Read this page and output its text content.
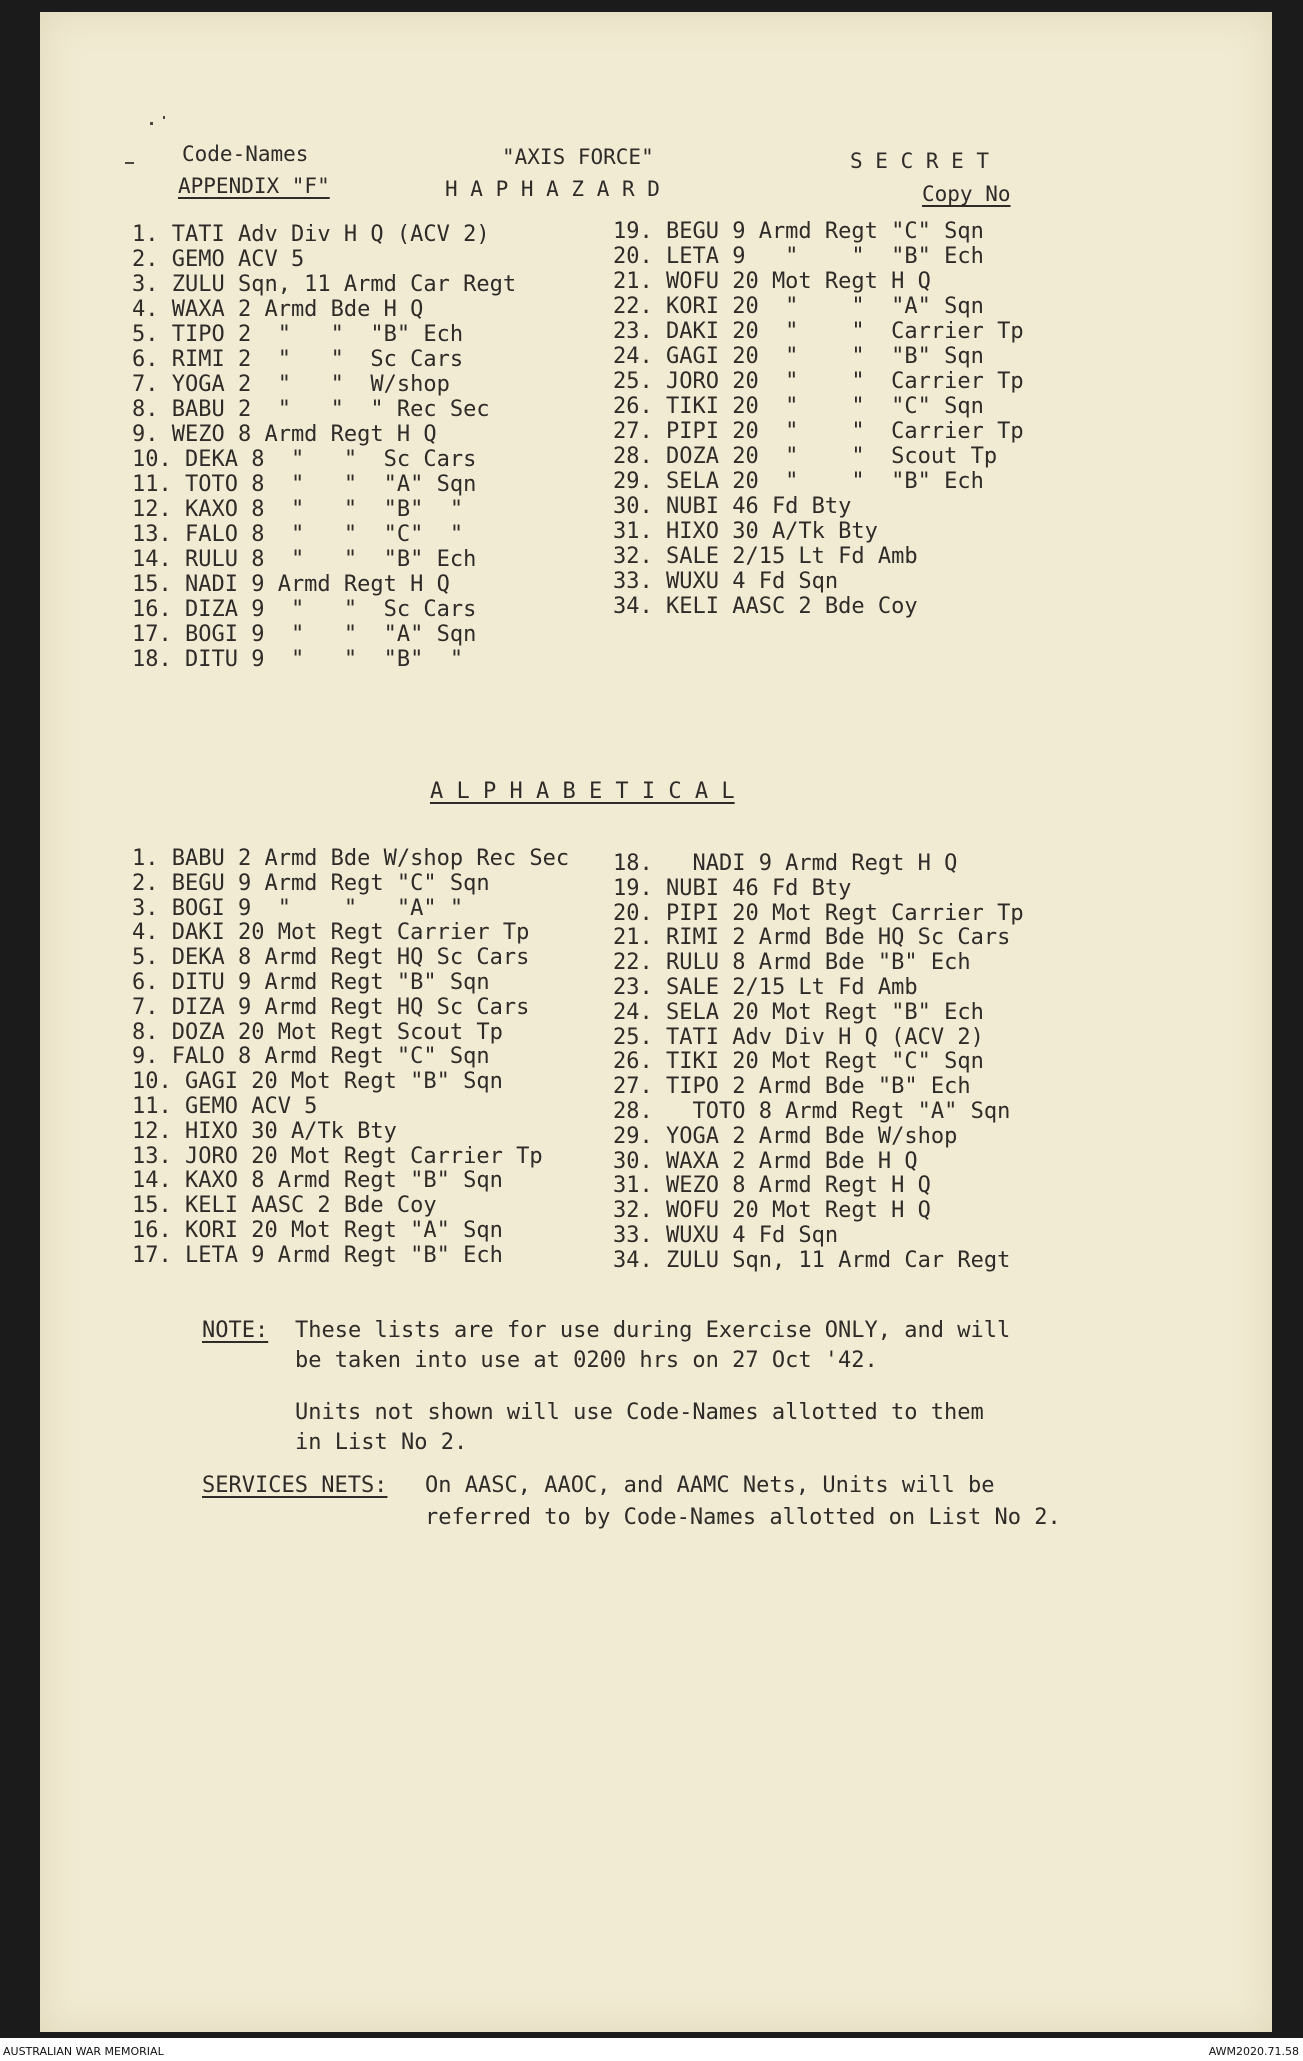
Code-Names	"AXIS FORCE"	S E C R E T
APPENDIX "F"	H A P H A Z A R D	Copy No
1. TATI Adv Div H Q (ACV 2)
2. GEMO ACV 5
3. ZULU Sqn, 11 Armd Car Regt
4. WAXA 2 Armd Bde H Q
5. TIPO 2  "   "  "B" Ech
6. RIMI 2  "   "  Sc Cars
7. YOGA 2  "   "  W/shop
8. BABU 2  "   "  " Rec Sec
9. WEZO 8 Armd Regt H Q
10. DEKA 8  "   "  Sc Cars
11. TOTO 8  "   "  "A" Sqn
12. KAXO 8  "   "  "B"  "
13. FALO 8  "   "  "C"  "
14. RULU 8  "   "  "B" Ech
15. NADI 9 Armd Regt H Q
16. DIZA 9  "   "  Sc Cars
17. BOGI 9  "   "  "A" Sqn
18. DITU 9  "   "  "B"  "
19. BEGU 9 Armd Regt "C" Sqn
20. LETA 9   "    "  "B" Ech
21. WOFU 20 Mot Regt H Q
22. KORI 20  "    "  "A" Sqn
23. DAKI 20  "    "  Carrier Tp
24. GAGI 20  "    "  "B" Sqn
25. JORO 20  "    "  Carrier Tp
26. TIKI 20  "    "  "C" Sqn
27. PIPI 20  "    "  Carrier Tp
28. DOZA 20  "    "  Scout Tp
29. SELA 20  "    "  "B" Ech
30. NUBI 46 Fd Bty
31. HIXO 30 A/Tk Bty
32. SALE 2/15 Lt Fd Amb
33. WUXU 4 Fd Sqn
34. KELI AASC 2 Bde Coy
A L P H A B E T I C A L
1. BABU 2 Armd Bde W/shop Rec Sec
2. BEGU 9 Armd Regt "C" Sqn
3. BOGI 9  "    "   "A" "
4. DAKI 20 Mot Regt Carrier Tp
5. DEKA 8 Armd Regt HQ Sc Cars
6. DITU 9 Armd Regt "B" Sqn
7. DIZA 9 Armd Regt HQ Sc Cars
8. DOZA 20 Mot Regt Scout Tp
9. FALO 8 Armd Regt "C" Sqn
10. GAGI 20 Mot Regt "B" Sqn
11. GEMO ACV 5
12. HIXO 30 A/Tk Bty
13. JORO 20 Mot Regt Carrier Tp
14. KAXO 8 Armd Regt "B" Sqn
15. KELI AASC 2 Bde Coy
16. KORI 20 Mot Regt "A" Sqn
17. LETA 9 Armd Regt "B" Ech
18.   NADI 9 Armd Regt H Q
19. NUBI 46 Fd Bty
20. PIPI 20 Mot Regt Carrier Tp
21. RIMI 2 Armd Bde HQ Sc Cars
22. RULU 8 Armd Bde "B" Ech
23. SALE 2/15 Lt Fd Amb
24. SELA 20 Mot Regt "B" Ech
25. TATI Adv Div H Q (ACV 2)
26. TIKI 20 Mot Regt "C" Sqn
27. TIPO 2 Armd Bde "B" Ech
28.   TOTO 8 Armd Regt "A" Sqn
29. YOGA 2 Armd Bde W/shop
30. WAXA 2 Armd Bde H Q
31. WEZO 8 Armd Regt H Q
32. WOFU 20 Mot Regt H Q
33. WUXU 4 Fd Sqn
34. ZULU Sqn, 11 Armd Car Regt
NOTE: These lists are for use during Exercise ONLY, and will
be taken into use at 0200 hrs on 27 Oct '42.
Units not shown will use Code-Names allotted to them
in List No 2.
SERVICES NETS: On AASC, AAOC, and AAMC Nets, Units will be
referred to by Code-Names allotted on List No 2.
AUSTRALIAN WAR MEMORIAL	AWM2020.71.58
